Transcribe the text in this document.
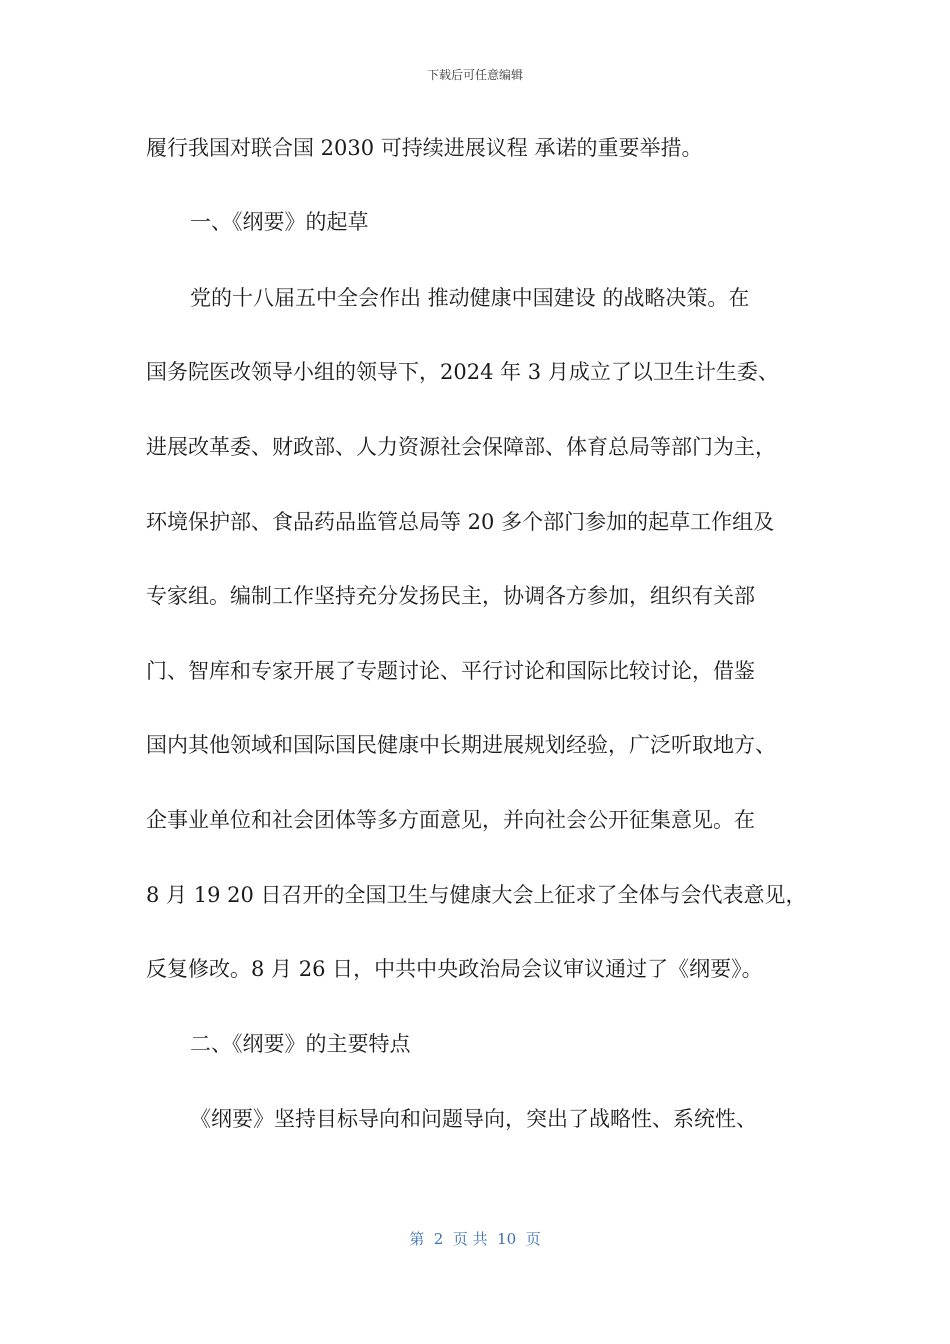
下载后可任意编辑
履行我国对联合国 2030 可持续进展议程 承诺的重要举措。
一、《纲要》的起草
党的十八届五中全会作出 推动健康中国建设 的战略决策。在
国务院医改领导小组的领导下，2024 年 3 月成立了以卫生计生委、
进展改革委、财政部、人力资源社会保障部、体育总局等部门为主，
环境保护部、食品药品监管总局等 20 多个部门参加的起草工作组及
专家组。编制工作坚持充分发扬民主，协调各方参加，组织有关部
门、智库和专家开展了专题讨论、平行讨论和国际比较讨论，借鉴
国内其他领域和国际国民健康中长期进展规划经验，广泛听取地方、
企事业单位和社会团体等多方面意见，并向社会公开征集意见。在
8 月 19 20 日召开的全国卫生与健康大会上征求了全体与会代表意见，
反复修改。8 月 26 日，中共中央政治局会议审议通过了《纲要》。
二、《纲要》的主要特点
《纲要》坚持目标导向和问题导向，突出了战略性、系统性、
第  2  页 共  10  页
